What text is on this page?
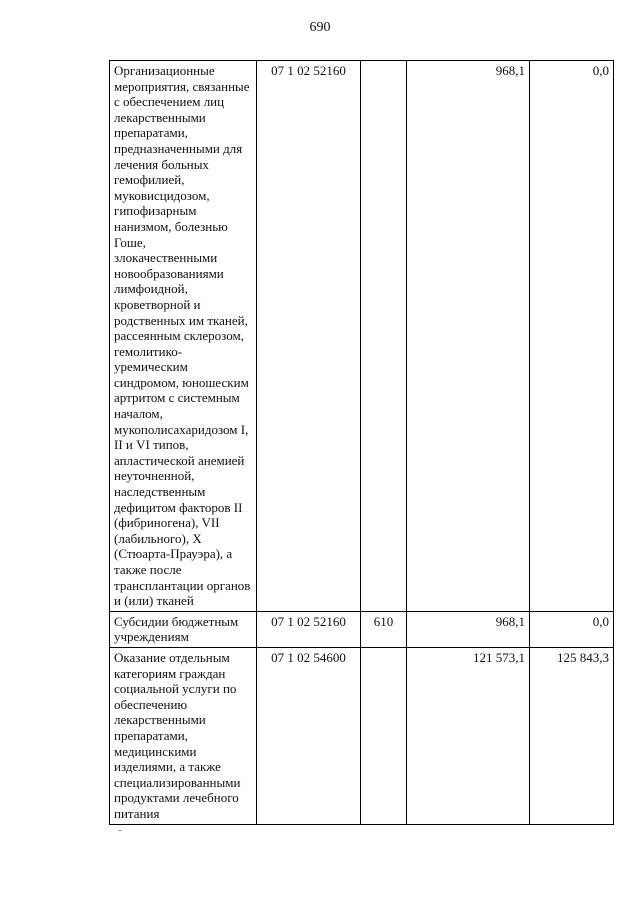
690
Организационные мероприятия, связанные с обеспечением лиц лекарственными препаратами, предназначенными для лечения больных гемофилией, муковисцидозом, гипофизарным нанизмом, болезнью Гоше, злокачественными новообразованиями лимфоидной, кроветворной и родственных им тканей, рассеянным склерозом, гемолитико-уремическим синдромом, юношеским артритом с системным началом, мукополисахаридозом I, II и VI типов, апластической анемией неуточненной, наследственным дефицитом факторов II (фибриногена), VII (лабильного), X (Стюарта-Прауэра), а также после трансплантации органов и (или) тканей	07 1 02 52160		968,1	0,0
Субсидии бюджетным учреждениям	07 1 02 52160	610	968,1	0,0
Оказание отдельным категориям граждан социальной услуги по обеспечению лекарственными препаратами, медицинскими изделиями, а также специализированными продуктами лечебного питания	07 1 02 54600		121 573,1	125 843,3
